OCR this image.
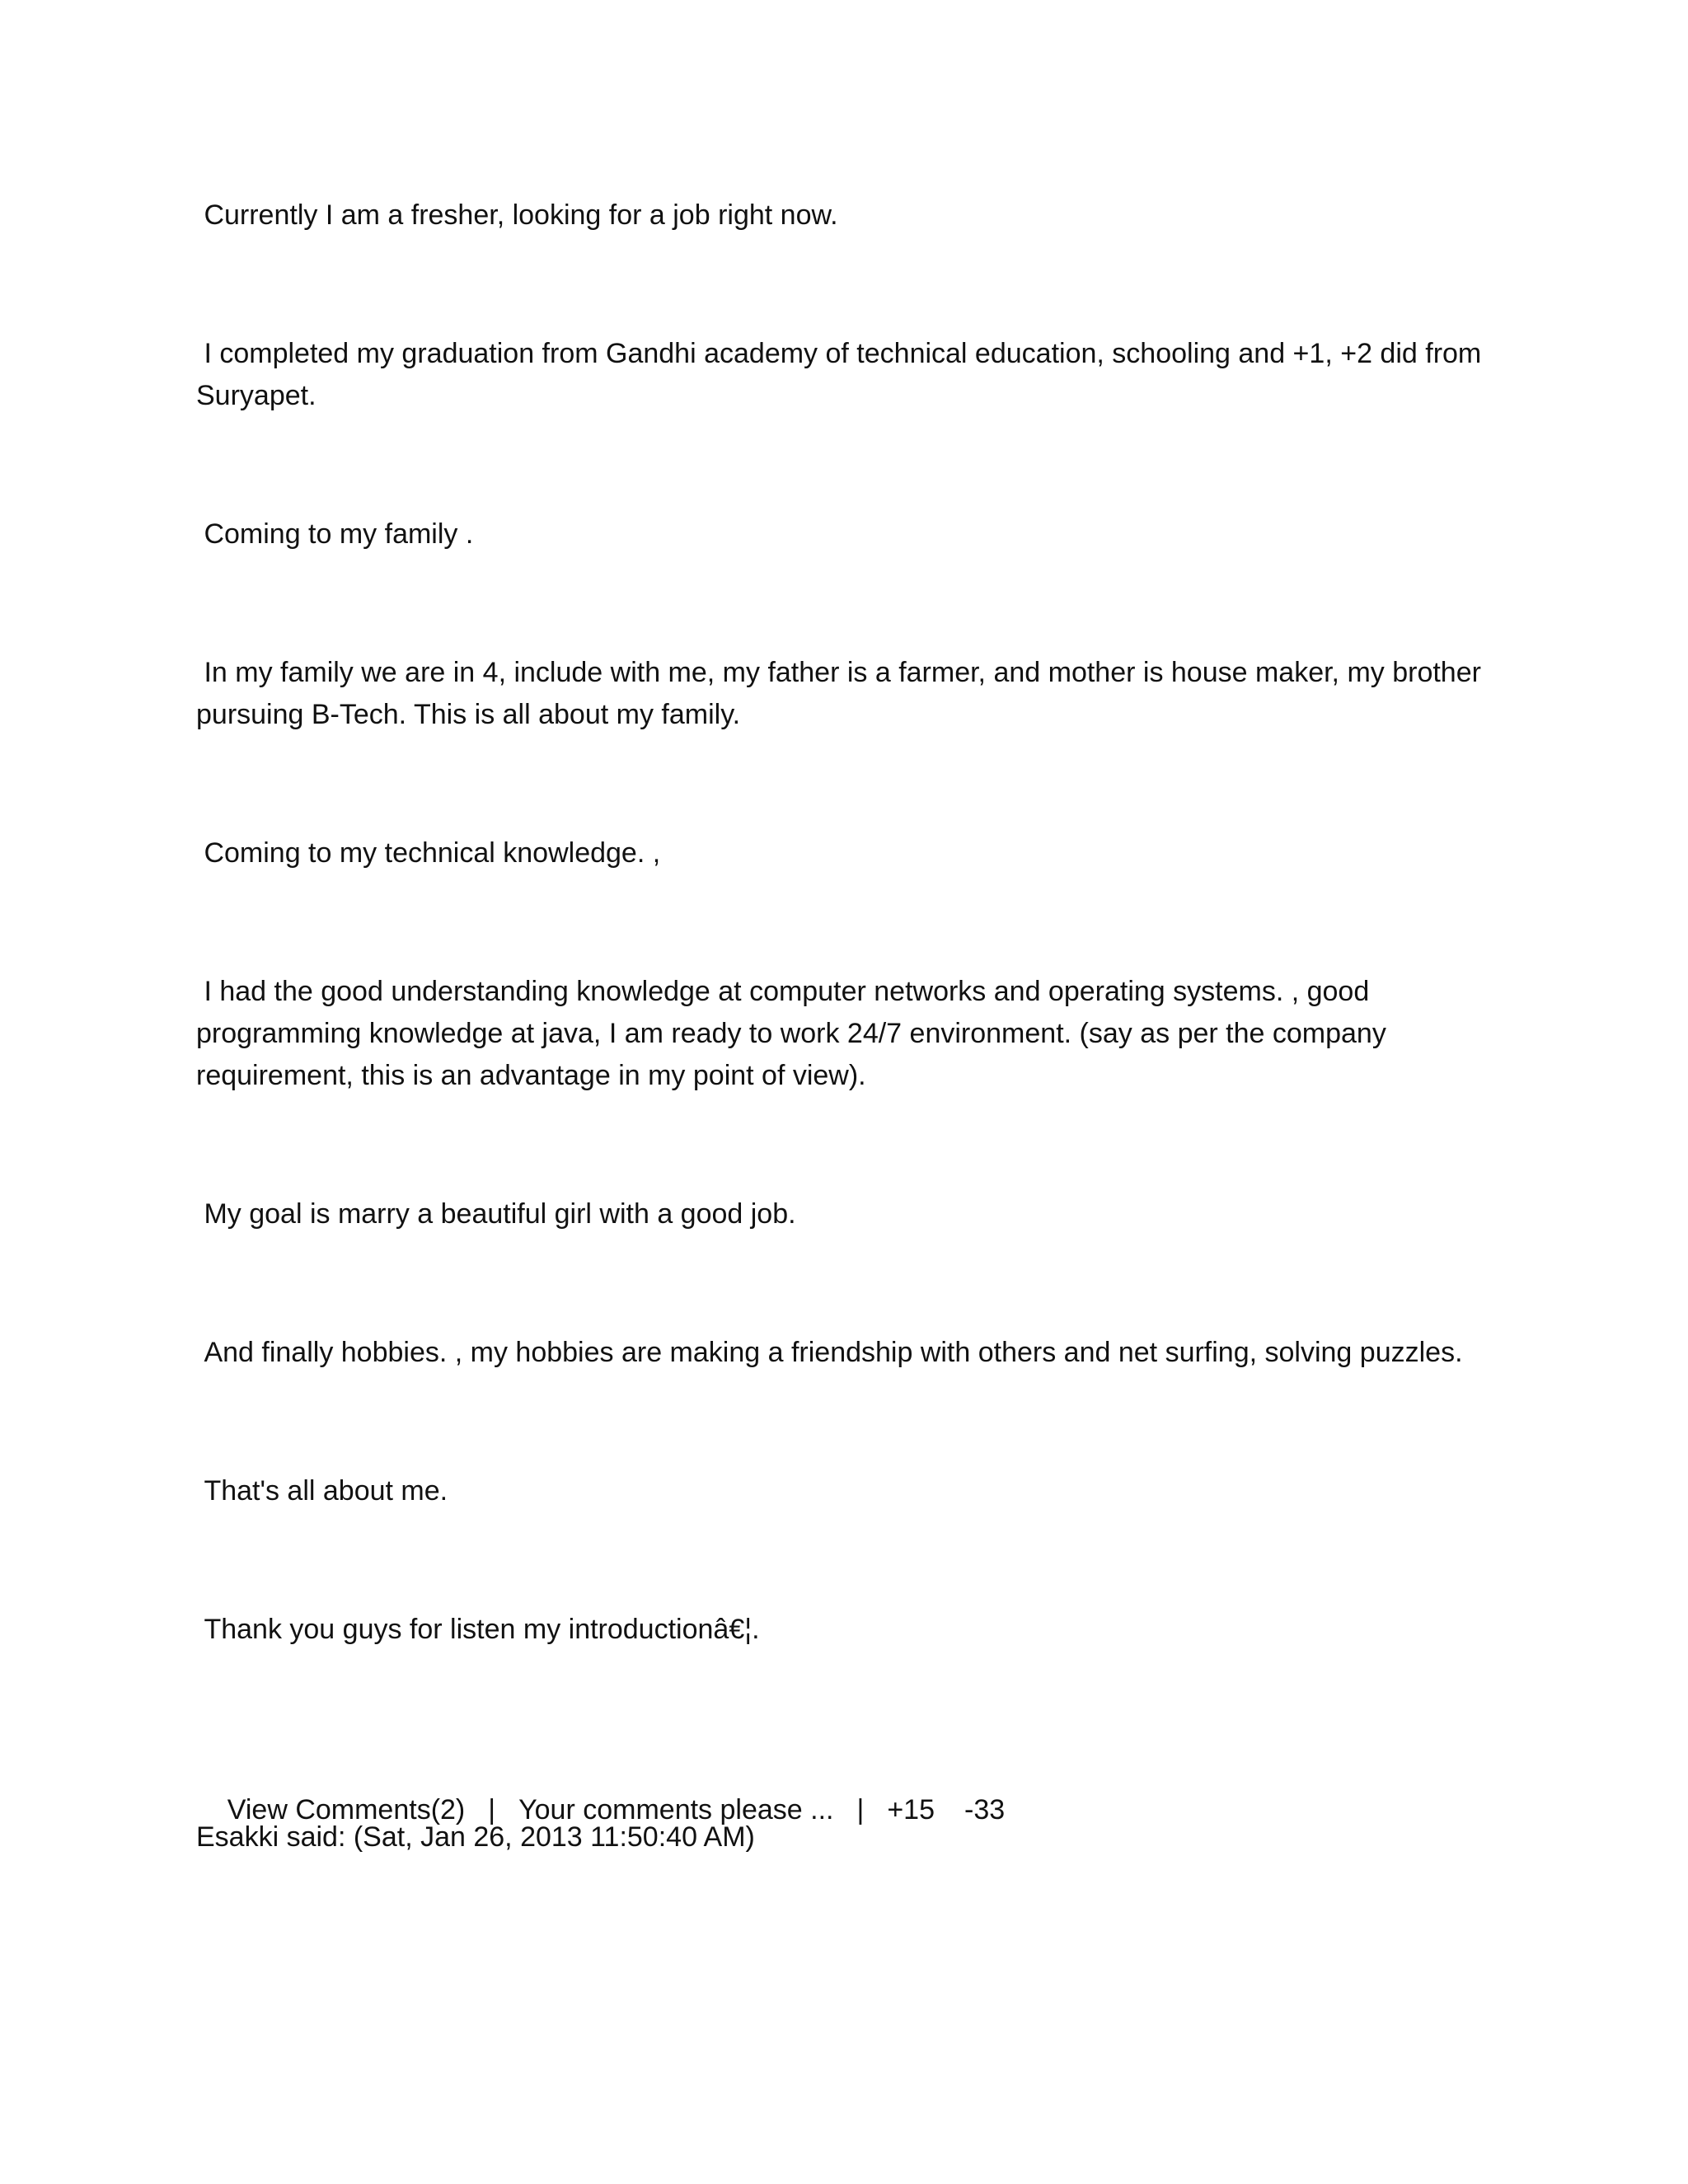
Currently I am a fresher, looking for a job right now.

I completed my graduation from Gandhi academy of technical education, schooling and +1, +2 did from Suryapet.

Coming to my family .

In my family we are in 4, include with me, my father is a farmer, and mother is house maker, my brother pursuing B-Tech. This is all about my family.

Coming to my technical knowledge. ,

I had the good understanding knowledge at computer networks and operating systems. , good programming knowledge at java, I am ready to work 24/7 environment. (say as per the company requirement, this is an advantage in my point of view).

My goal is marry a beautiful girl with a good job.

And finally hobbies. , my hobbies are making a friendship with others and net surfing, solving puzzles.

That's all about me.

Thank you guys for listen my introductionâ€¦.

View Comments(2) | Your comments please ... | +15 -33

Esakki said: (Sat, Jan 26, 2013 11:50:40 AM)
